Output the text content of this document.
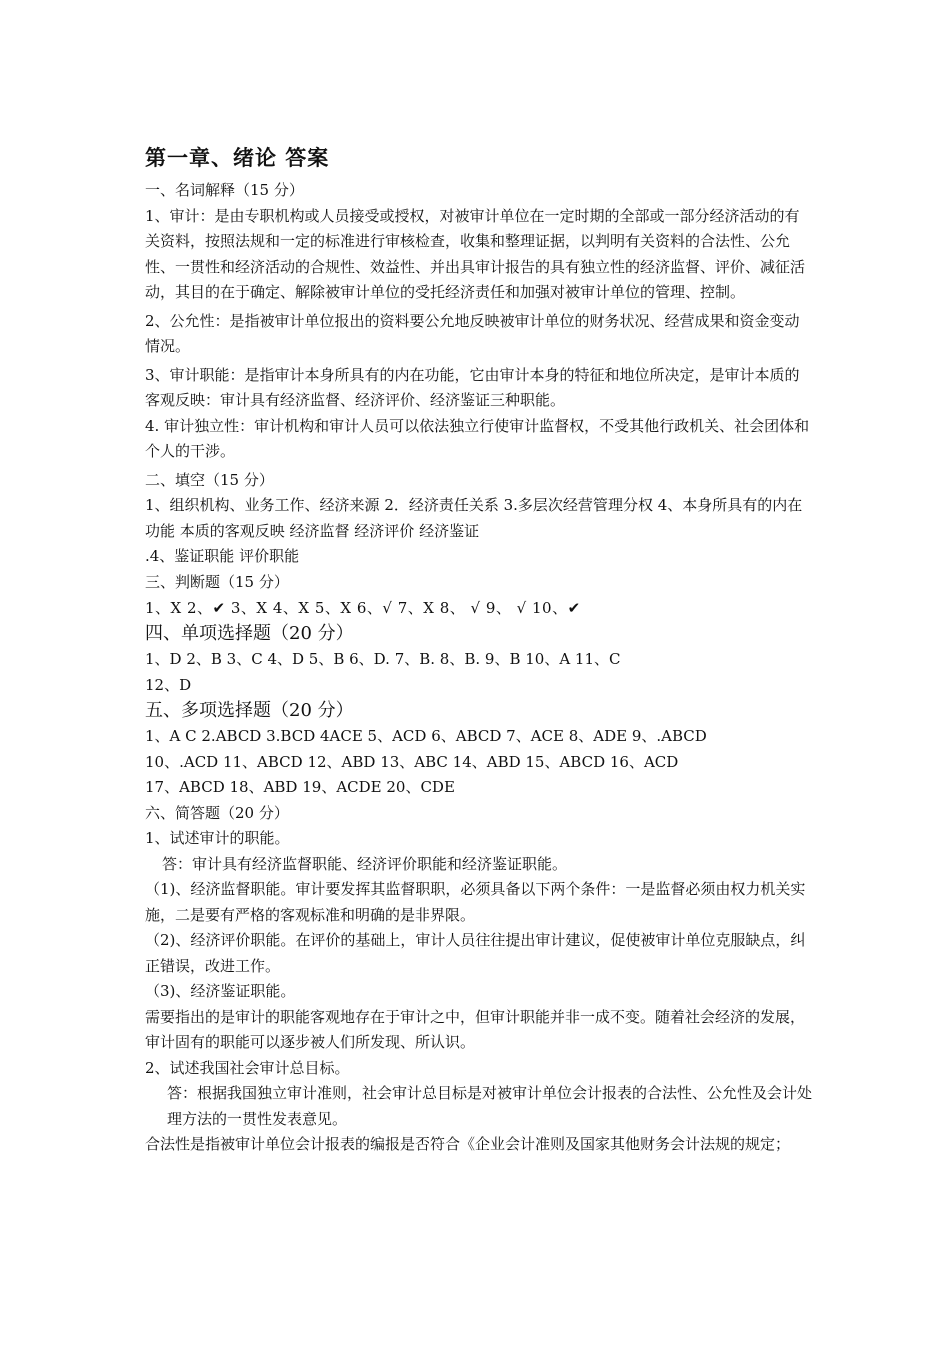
第一章、绪论 答案

一、名词解释（15 分）

1、审计：是由专职机构或人员接受或授权，对被审计单位在一定时期的全部或一部分经济活动的有关资料，按照法规和一定的标准进行审核检查，收集和整理证据，以判明有关资料的合法性、公允性、一贯性和经济活动的合规性、效益性、并出具审计报告的具有独立性的经济监督、评价、减征活动，其目的在于确定、解除被审计单位的受托经济责任和加强对被审计单位的管理、控制。

2、公允性：是指被审计单位报出的资料要公允地反映被审计单位的财务状况、经营成果和资金变动情况。

3、审计职能：是指审计本身所具有的内在功能，它由审计本身的特征和地位所决定，是审计本质的客观反映：审计具有经济监督、经济评价、经济鉴证三种职能。

4. 审计独立性：审计机构和审计人员可以依法独立行使审计监督权，不受其他行政机关、社会团体和个人的干涉。

二、填空（15 分）

1、组织机构、业务工作、经济来源 2．经济责任关系 3.多层次经营管理分权 4、本身所具有的内在功能 本质的客观反映 经济监督 经济评价 经济鉴证

.4、鉴证职能 评价职能

三、判断题（15 分）

1、X 2、✔ 3、X 4、X 5、X 6、√ 7、X 8、 √ 9、 √ 10、✔

四、单项选择题（20 分）

1、D 2、B 3、C 4、D 5、B 6、D. 7、B. 8、B. 9、B 10、A 11、C

12、D

五、多项选择题（20 分）

1、A C 2.ABCD 3.BCD 4ACE 5、ACD 6、ABCD 7、ACE 8、ADE 9、.ABCD

10、.ACD 11、ABCD 12、ABD 13、ABC 14、ABD 15、ABCD 16、ACD

17、ABCD 18、ABD 19、ACDE 20、CDE

六、简答题（20 分）

1、试述审计的职能。

答：审计具有经济监督职能、经济评价职能和经济鉴证职能。

（1)、经济监督职能。审计要发挥其监督职职，必须具备以下两个条件：一是监督必须由权力机关实施，二是要有严格的客观标准和明确的是非界限。

（2)、经济评价职能。在评价的基础上，审计人员往往提出审计建议，促使被审计单位克服缺点，纠正错误，改进工作。

（3)、经济鉴证职能。

需要指出的是审计的职能客观地存在于审计之中，但审计职能并非一成不变。随着社会经济的发展，审计固有的职能可以逐步被人们所发现、所认识。

2、试述我国社会审计总目标。

答：根据我国独立审计准则，社会审计总目标是对被审计单位会计报表的合法性、公允性及会计处理方法的一贯性发表意见。

合法性是指被审计单位会计报表的编报是否符合《企业会计准则及国家其他财务会计法规的规定；
